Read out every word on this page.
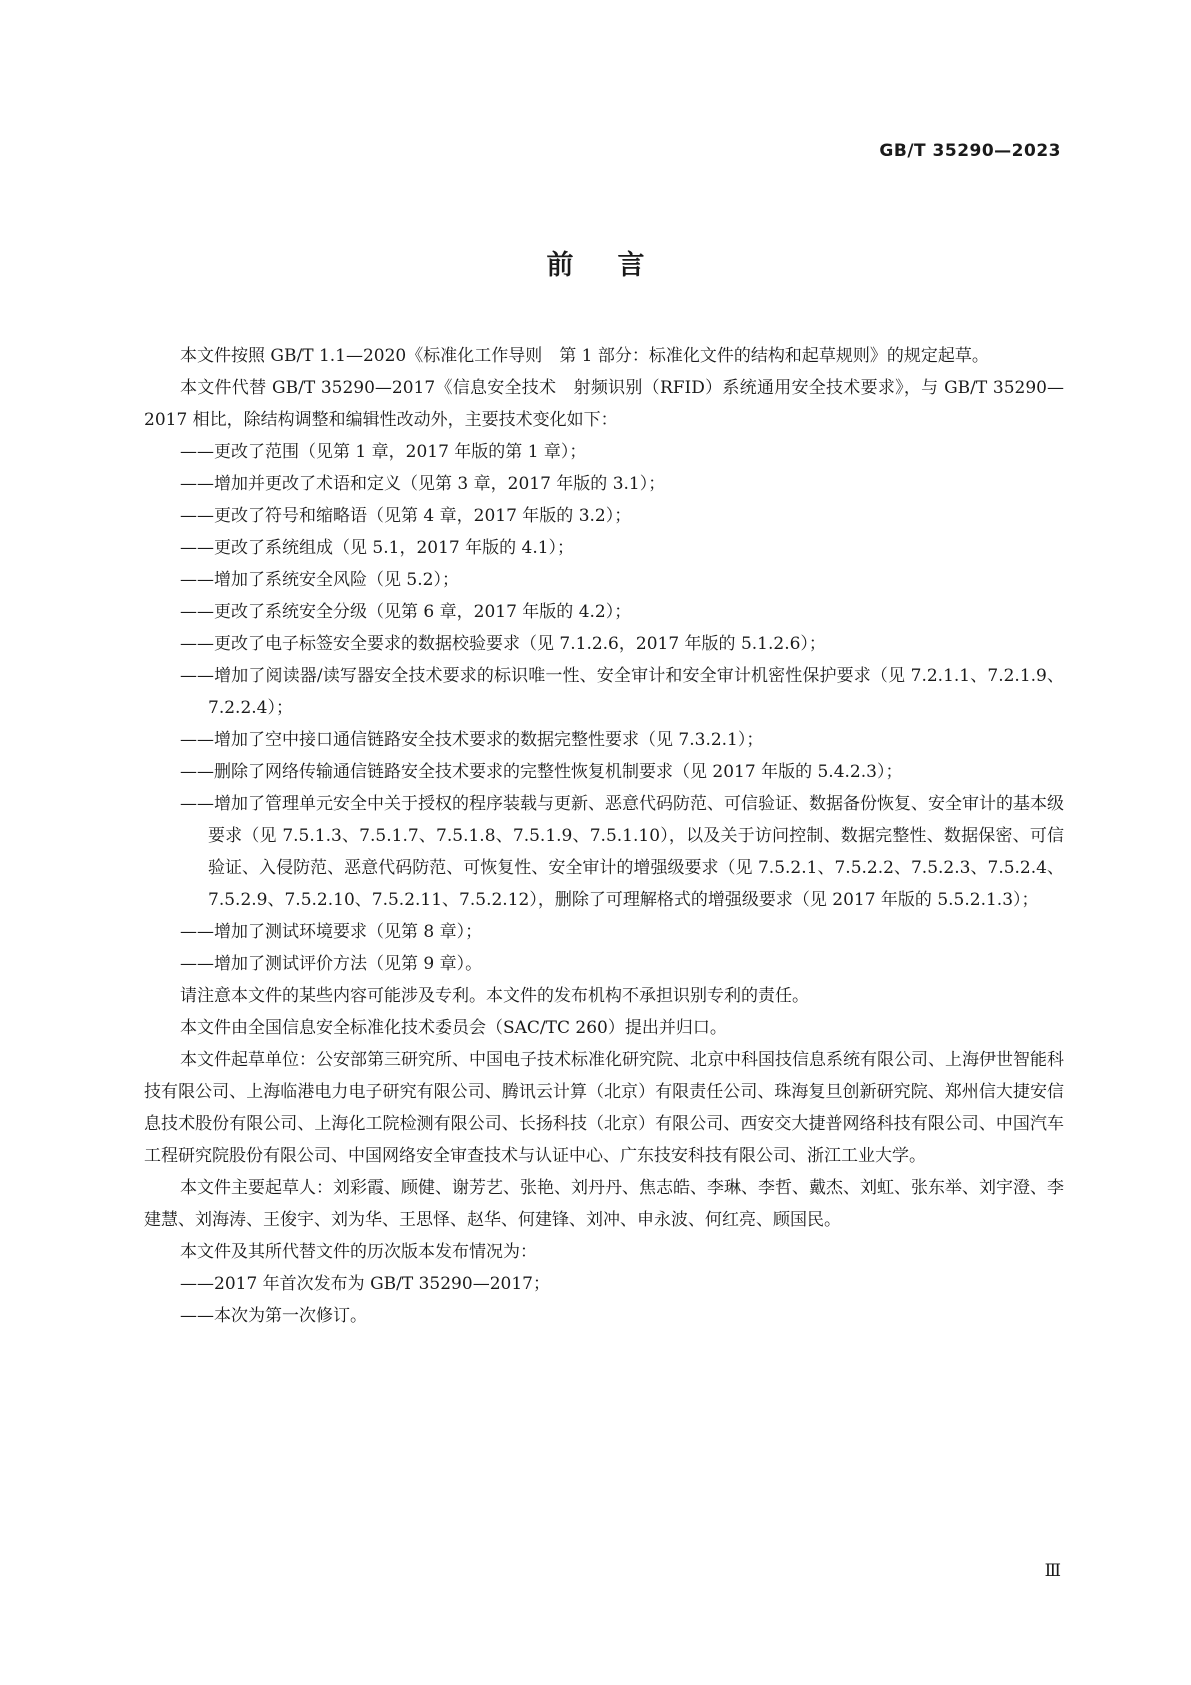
GB/T 35290—2023
前言

本文件按照 GB/T 1.1—2020《标准化工作导则　第 1 部分：标准化文件的结构和起草规则》的规定起草。

本文件代替 GB/T 35290—2017《信息安全技术　射频识别（RFID）系统通用安全技术要求》，与 GB/T 35290—2017 相比，除结构调整和编辑性改动外，主要技术变化如下：

——更改了范围（见第 1 章，2017 年版的第 1 章）；

——增加并更改了术语和定义（见第 3 章，2017 年版的 3.1）；

——更改了符号和缩略语（见第 4 章，2017 年版的 3.2）；

——更改了系统组成（见 5.1，2017 年版的 4.1）；

——增加了系统安全风险（见 5.2）；

——更改了系统安全分级（见第 6 章，2017 年版的 4.2）；

——更改了电子标签安全要求的数据校验要求（见 7.1.2.6，2017 年版的 5.1.2.6）；

——增加了阅读器/读写器安全技术要求的标识唯一性、安全审计和安全审计机密性保护要求（见 7.2.1.1、7.2.1.9、7.2.2.4）；

——增加了空中接口通信链路安全技术要求的数据完整性要求（见 7.3.2.1）；

——删除了网络传输通信链路安全技术要求的完整性恢复机制要求（见 2017 年版的 5.4.2.3）；

——增加了管理单元安全中关于授权的程序装载与更新、恶意代码防范、可信验证、数据备份恢复、安全审计的基本级要求（见 7.5.1.3、7.5.1.7、7.5.1.8、7.5.1.9、7.5.1.10），以及关于访问控制、数据完整性、数据保密、可信验证、入侵防范、恶意代码防范、可恢复性、安全审计的增强级要求（见 7.5.2.1、7.5.2.2、7.5.2.3、7.5.2.4、7.5.2.9、7.5.2.10、7.5.2.11、7.5.2.12），删除了可理解格式的增强级要求（见 2017 年版的 5.5.2.1.3）；

——增加了测试环境要求（见第 8 章）；

——增加了测试评价方法（见第 9 章）。

请注意本文件的某些内容可能涉及专利。本文件的发布机构不承担识别专利的责任。

本文件由全国信息安全标准化技术委员会（SAC/TC 260）提出并归口。

本文件起草单位：公安部第三研究所、中国电子技术标准化研究院、北京中科国技信息系统有限公司、上海伊世智能科技有限公司、上海临港电力电子研究有限公司、腾讯云计算（北京）有限责任公司、珠海复旦创新研究院、郑州信大捷安信息技术股份有限公司、上海化工院检测有限公司、长扬科技（北京）有限公司、西安交大捷普网络科技有限公司、中国汽车工程研究院股份有限公司、中国网络安全审查技术与认证中心、广东技安科技有限公司、浙江工业大学。

本文件主要起草人：刘彩霞、顾健、谢芳艺、张艳、刘丹丹、焦志皓、李琳、李哲、戴杰、刘虹、张东举、刘宇澄、李建慧、刘海涛、王俊宇、刘为华、王思怿、赵华、何建锋、刘冲、申永波、何红亮、顾国民。

本文件及其所代替文件的历次版本发布情况为：

——2017 年首次发布为 GB/T 35290—2017；

——本次为第一次修订。

Ⅲ
